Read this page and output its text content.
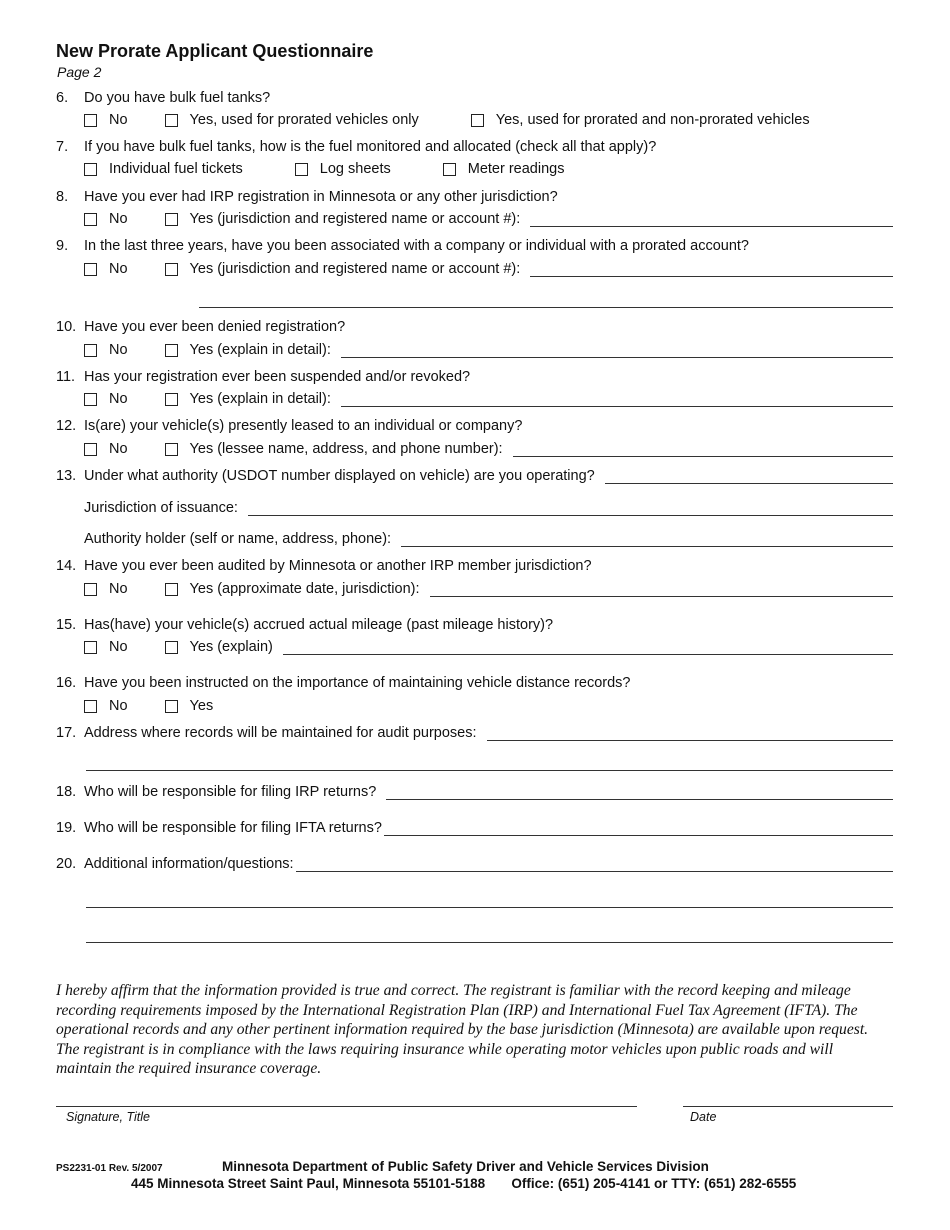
New Prorate Applicant Questionnaire
Page 2
6. Do you have bulk fuel tanks?
No	Yes, used for prorated vehicles only	Yes, used for prorated and non-prorated vehicles
7. If you have bulk fuel tanks, how is the fuel monitored and allocated (check all that apply)?
Individual fuel tickets	Log sheets	Meter readings
8. Have you ever had IRP registration in Minnesota or any other jurisdiction?
No	Yes (jurisdiction and registered name or account #):
9. In the last three years, have you been associated with a company or individual with a prorated account?
No	Yes (jurisdiction and registered name or account #):
10. Have you ever been denied registration?
No	Yes (explain in detail):
11. Has your registration ever been suspended and/or revoked?
No	Yes (explain in detail):
12. Is(are) your vehicle(s) presently leased to an individual or company?
No	Yes (lessee name, address, and phone number):
13. Under what authority (USDOT number displayed on vehicle) are you operating?
Jurisdiction of issuance:
Authority holder (self or name, address, phone):
14. Have you ever been audited by Minnesota or another IRP member jurisdiction?
No	Yes (approximate date, jurisdiction):
15. Has(have) your vehicle(s) accrued actual mileage (past mileage history)?
No	Yes (explain)
16. Have you been instructed on the importance of maintaining vehicle distance records?
No	Yes
17. Address where records will be maintained for audit purposes:
18. Who will be responsible for filing IRP returns?
19. Who will be responsible for filing IFTA returns?
20. Additional information/questions:
I hereby affirm that the information provided is true and correct. The registrant is familiar with the record keeping and mileage recording requirements imposed by the International Registration Plan (IRP) and International Fuel Tax Agreement (IFTA). The operational records and any other pertinent information required by the base jurisdiction (Minnesota) are available upon request. The registrant is in compliance with the laws requiring insurance while operating motor vehicles upon public roads and will maintain the required insurance coverage.
Signature, Title	Date
PS2231-01 Rev. 5/2007	Minnesota Department of Public Safety Driver and Vehicle Services Division
445 Minnesota Street Saint Paul, Minnesota 55101-5188       Office: (651) 205-4141 or TTY: (651) 282-6555
